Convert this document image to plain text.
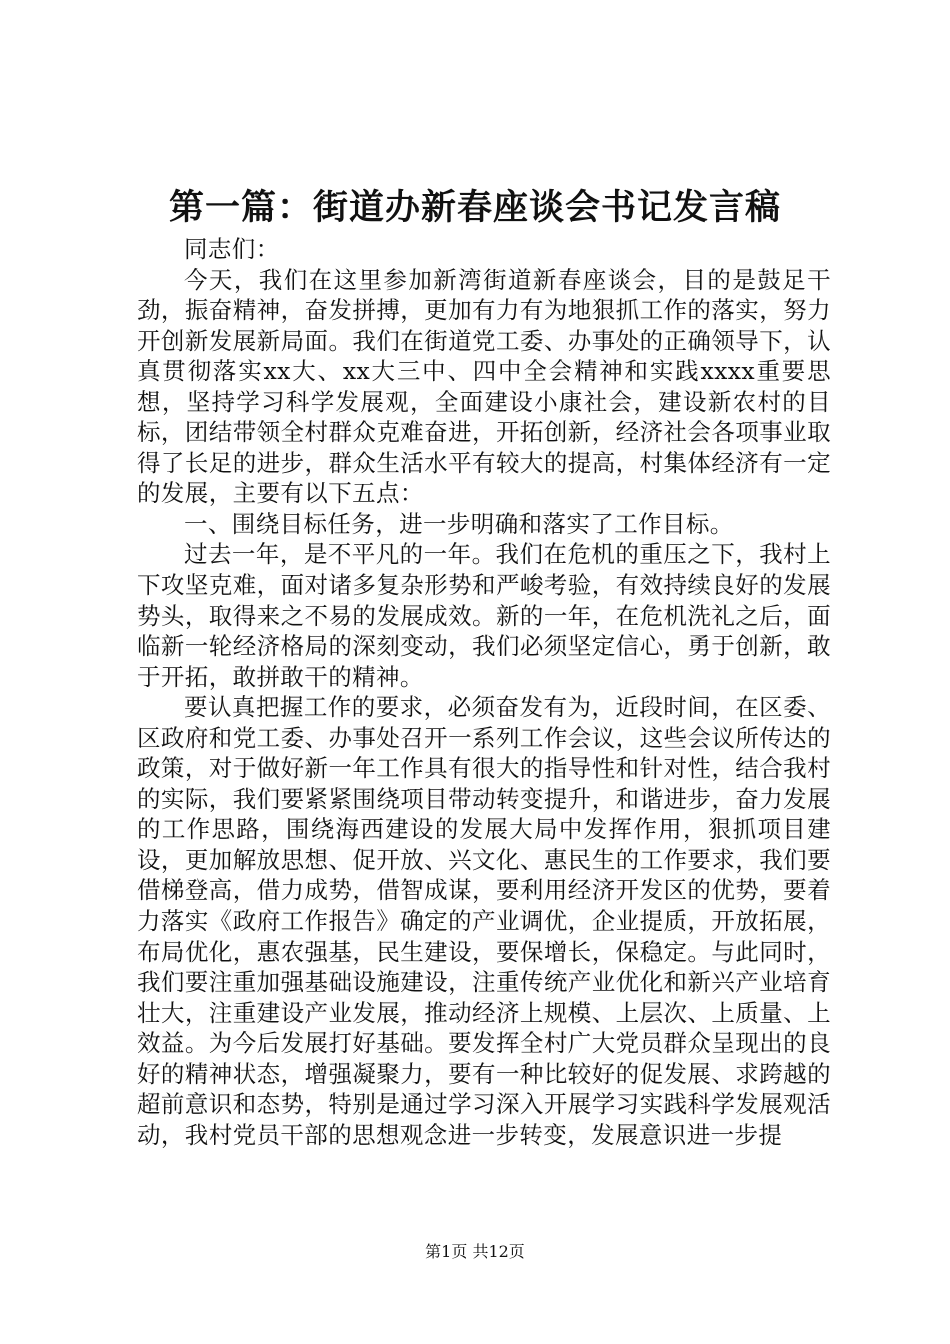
第一篇：街道办新春座谈会书记发言稿

同志们：

今天，我们在这里参加新湾街道新春座谈会，目的是鼓足干劲，振奋精神，奋发拼搏，更加有力有为地狠抓工作的落实，努力开创新发展新局面。我们在街道党工委、办事处的正确领导下，认真贯彻落实xx大、xx大三中、四中全会精神和实践xxxx重要思想，坚持学习科学发展观，全面建设小康社会，建设新农村的目标，团结带领全村群众克难奋进，开拓创新，经济社会各项事业取得了长足的进步，群众生活水平有较大的提高，村集体经济有一定的发展，主要有以下五点：

一、围绕目标任务，进一步明确和落实了工作目标。

过去一年，是不平凡的一年。我们在危机的重压之下，我村上下攻坚克难，面对诸多复杂形势和严峻考验，有效持续良好的发展势头，取得来之不易的发展成效。新的一年，在危机洗礼之后，面临新一轮经济格局的深刻变动，我们必须坚定信心，勇于创新，敢于开拓，敢拼敢干的精神。

要认真把握工作的要求，必须奋发有为，近段时间，在区委、区政府和党工委、办事处召开一系列工作会议，这些会议所传达的政策，对于做好新一年工作具有很大的指导性和针对性，结合我村的实际，我们要紧紧围绕项目带动转变提升，和谐进步，奋力发展的工作思路，围绕海西建设的发展大局中发挥作用，狠抓项目建设，更加解放思想、促开放、兴文化、惠民生的工作要求，我们要借梯登高，借力成势，借智成谋，要利用经济开发区的优势，要着力落实《政府工作报告》确定的产业调优，企业提质，开放拓展，布局优化，惠农强基，民生建设，要保增长，保稳定。与此同时，我们要注重加强基础设施建设，注重传统产业优化和新兴产业培育壮大，注重建设产业发展，推动经济上规模、上层次、上质量、上效益。为今后发展打好基础。要发挥全村广大党员群众呈现出的良好的精神状态，增强凝聚力，要有一种比较好的促发展、求跨越的超前意识和态势，特别是通过学习深入开展学习实践科学发展观活动，我村党员干部的思想观念进一步转变，发展意识进一步提

第1页 共12页
